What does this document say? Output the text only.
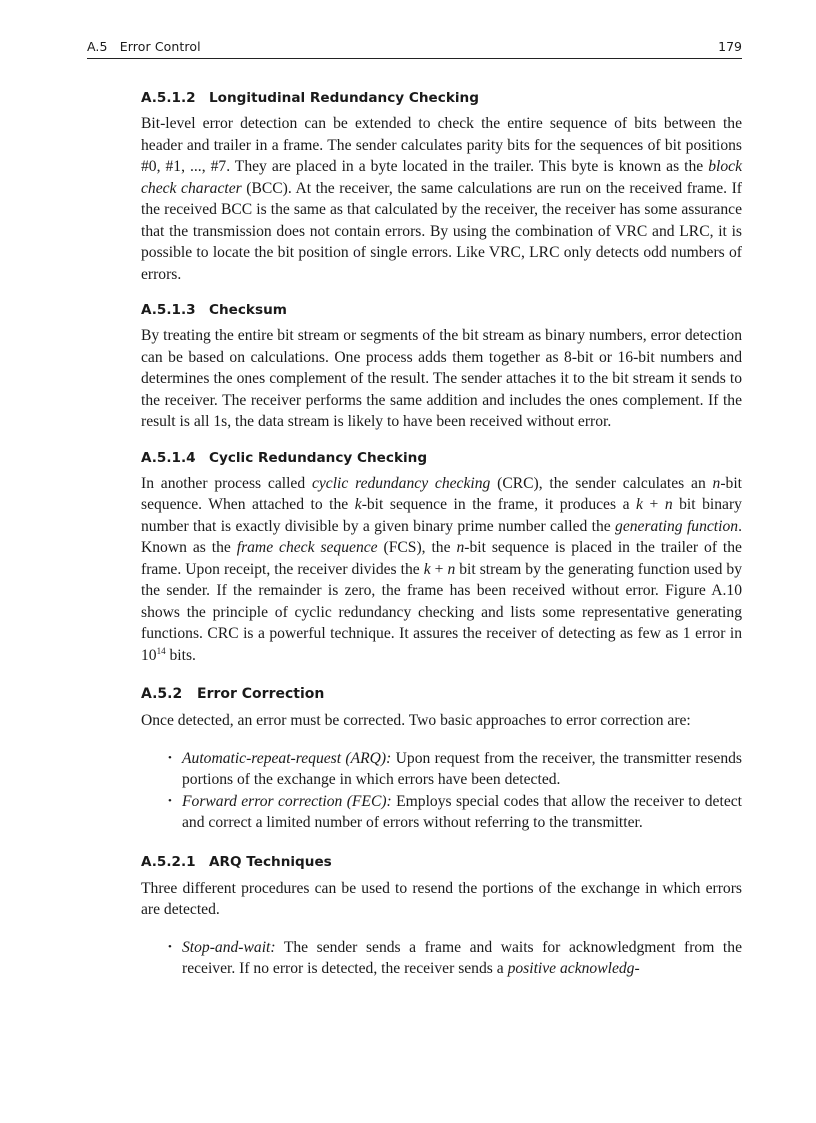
A.5   Error Control	179
A.5.1.2 Longitudinal Redundancy Checking

Bit-level error detection can be extended to check the entire sequence of bits between the header and trailer in a frame. The sender calculates parity bits for the sequences of bit positions #0, #1, ..., #7. They are placed in a byte located in the trailer. This byte is known as the block check character (BCC). At the receiver, the same calculations are run on the received frame. If the received BCC is the same as that calculated by the receiver, the receiver has some assurance that the transmission does not contain errors. By using the combination of VRC and LRC, it is possible to locate the bit position of single errors. Like VRC, LRC only detects odd numbers of errors.

A.5.1.3 Checksum

By treating the entire bit stream or segments of the bit stream as binary numbers, error detection can be based on calculations. One process adds them together as 8-bit or 16-bit numbers and determines the ones complement of the result. The sender attaches it to the bit stream it sends to the receiver. The receiver performs the same addition and includes the ones complement. If the result is all 1s, the data stream is likely to have been received without error.

A.5.1.4 Cyclic Redundancy Checking

In another process called cyclic redundancy checking (CRC), the sender calculates an n-bit sequence. When attached to the k-bit sequence in the frame, it produces a k + n bit binary number that is exactly divisible by a given binary prime number called the generating function. Known as the frame check sequence (FCS), the n-bit sequence is placed in the trailer of the frame. Upon receipt, the receiver divides the k + n bit stream by the generating function used by the sender. If the remainder is zero, the frame has been received without error. Figure A.10 shows the principle of cyclic redundancy checking and lists some representative generating functions. CRC is a powerful technique. It assures the receiver of detecting as few as 1 error in $10^{14}$ bits.

A.5.2 Error Correction

Once detected, an error must be corrected. Two basic approaches to error correction are:

• Automatic-repeat-request (ARQ): Upon request from the receiver, the transmitter resends portions of the exchange in which errors have been detected.
• Forward error correction (FEC): Employs special codes that allow the receiver to detect and correct a limited number of errors without referring to the transmitter.
A.5.2.1 ARQ Techniques

Three different procedures can be used to resend the portions of the exchange in which errors are detected.

• Stop-and-wait: The sender sends a frame and waits for acknowledgment from the receiver. If no error is detected, the receiver sends a positive acknowledg-
